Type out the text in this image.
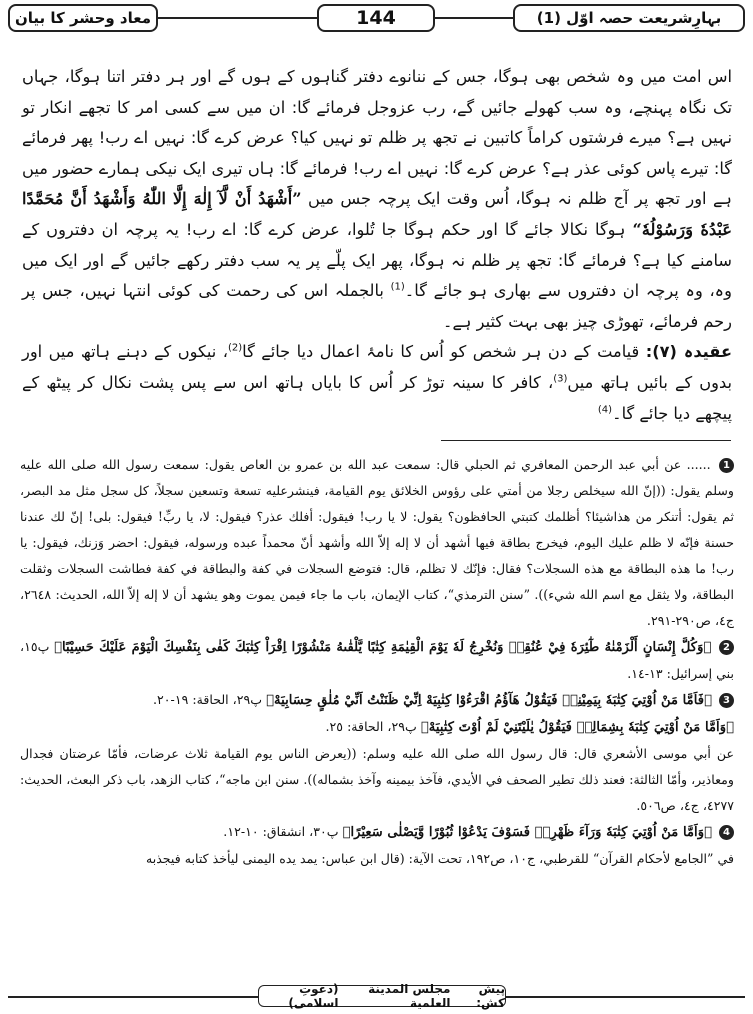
بہارِشریعت حصہ اوّل (1)
144
معاد وحشر کا بیان

اس امت میں وہ شخص بھی ہوگا، جس کے ننانوے دفتر گناہوں کے ہوں گے اور ہر دفتر اتنا ہوگا، جہاں تک نگاہ پہنچے، وہ سب کھولے جائیں گے، رب عزوجل فرمائے گا: ان میں سے کسی امر کا تجھے انکار تو نہیں ہے؟ میرے فرشتوں کراماً کاتبین نے تجھ پر ظلم تو نہیں کیا؟ عرض کرے گا: نہیں اے رب! پھر فرمائے گا: تیرے پاس کوئی عذر ہے؟ عرض کرے گا: نہیں اے رب! فرمائے گا: ہاں تیری ایک نیکی ہمارے حضور میں ہے اور تجھ پر آج ظلم نہ ہوگا، اُس وقت ایک پرچہ جس میں ”أَشْهَدُ أَنْ لَّآ إِلٰهَ إِلَّا اللّٰهُ وَأَشْهَدُ أَنَّ مُحَمَّدًا عَبْدُهٗ وَرَسُوْلُهٗ“ ہوگا نکالا جائے گا اور حکم ہوگا جا تُلوا، عرض کرے گا: اے رب! یہ پرچہ ان دفتروں کے سامنے کیا ہے؟ فرمائے گا: تجھ پر ظلم نہ ہوگا، پھر ایک پلّے پر یہ سب دفتر رکھے جائیں گے اور ایک میں وہ، وہ پرچہ ان دفتروں سے بھاری ہو جائے گا۔$^{(1)}$ بالجملہ اس کی رحمت کی کوئی انتہا نہیں، جس پر رحم فرمائے، تھوڑی چیز بھی بہت کثیر ہے۔

عقیدہ (۷): قیامت کے دن ہر شخص کو اُس کا نامۂ اعمال دیا جائے گا$^{(2)}$، نیکوں کے دہنے ہاتھ میں اور بدوں کے بائیں ہاتھ میں$^{(3)}$، کافر کا سینہ توڑ کر اُس کا بایاں ہاتھ اس سے پس پشت نکال کر پیٹھ کے پیچھے دیا جائے گا۔$^{(4)}$

1 ...... عن أبي عبد الرحمن المعافري ثم الحبلي قال: سمعت عبد الله بن عمرو بن العاص يقول: سمعت رسول الله صلى الله عليه وسلم يقول: ((إنّ الله سيخلص رجلا من أمتي على رؤوس الخلائق يوم القيامة، فينشرعليه تسعة وتسعين سجلاً، كل سجل مثل مد البصر، ثم يقول: أتنكر من هذاشيئا؟ أظلمك كتبتي الحافظون؟ يقول: لا يا رب! فيقول: أفلك عذر؟ فيقول: لا، يا ربِّ! فيقول: بلى! إنّ لك عندنا حسنة فإنّه لا ظلم عليك اليوم، فيخرج بطاقة فيها أشهد أن لا إله إلاّ الله وأشهد أنّ محمداً عبده ورسوله، فيقول: احضر وَزنك، فيقول: يا رب! ما هذه البطاقة مع هذه السجلات؟ فقال: فإنّك لا تظلم، قال: فتوضع السجلات في كفة والبطاقة في كفة فطاشت السجلات وثقلت البطاقة، ولا يثقل مع اسم الله شيء)). ”سنن الترمذي“، كتاب الإيمان، باب ما جاء فيمن يموت وهو يشهد أن لا إله إلاّ الله، الحديث: ٢٦٤٨، ج٤، ص٢٩٠-٢٩١.

2 ﴿وَكُلَّ إِنْسَانٍ أَلْزَمْنٰهُ طٰٓئِرَهٗ فِيْ عُنُقِهٖ وَنُخْرِجُ لَهٗ يَوْمَ الْقِيٰمَةِ كِتٰبًا يَّلْقٰىهُ مَنْشُوْرًا اِقْرَاْ كِتٰبَكَ كَفٰى بِنَفْسِكَ الْيَوْمَ عَلَيْكَ حَسِيْبًا﴾ پ١٥، بني إسرائيل: ١٣-١٤.

3 ﴿فَاَمَّا مَنْ اُوْتِيَ كِتٰبَهٗ بِيَمِيْنِهٖ فَيَقُوْلُ هَآؤُمُ اقْرَءُوْا كِتٰبِيَهْ اِنِّيْ ظَنَنْتُ اَنِّيْ مُلٰقٍ حِسَابِيَهْ﴾ پ٢٩، الحاقة: ١٩-٢٠.

﴿وَاَمَّا مَنْ اُوْتِيَ كِتٰبَهٗ بِشِمَالِهٖ فَيَقُوْلُ يٰلَيْتَنِيْ لَمْ اُوْتَ كِتٰبِيَهْ﴾ پ٢٩، الحاقة: ٢٥.

عن أبي موسى الأشعري قال: قال رسول الله صلى الله عليه وسلم: ((يعرض الناس يوم القيامة ثلاث عرضات، فأمّا عرضتان فجدال ومعاذير، وأمّا الثالثة: فعند ذلك تطير الصحف في الأيدي، فآخذ بيمينه وآخذ بشماله)). سنن ابن ماجه“، كتاب الزهد، باب ذكر البعث، الحديث: ٤٢٧٧، ج٤، ص٥٠٦.

4 ﴿وَاَمَّا مَنْ اُوْتِيَ كِتٰبَهٗ وَرَآءَ ظَهْرِهٖ فَسَوْفَ يَدْعُوْا ثُبُوْرًا وَّيَصْلٰى سَعِيْرًا﴾ پ٣٠، انشقاق: ١٠-١٢.

في ”الجامع لأحكام القرآن“ للقرطبي، ج١٠، ص١٩٢، تحت الآية: (قال ابن عباس: يمد يده اليمنى ليأخذ كتابه فيجذبه

پیش کش:

مجلس المدينة العلمية

(دعوتِ اسلامی)
